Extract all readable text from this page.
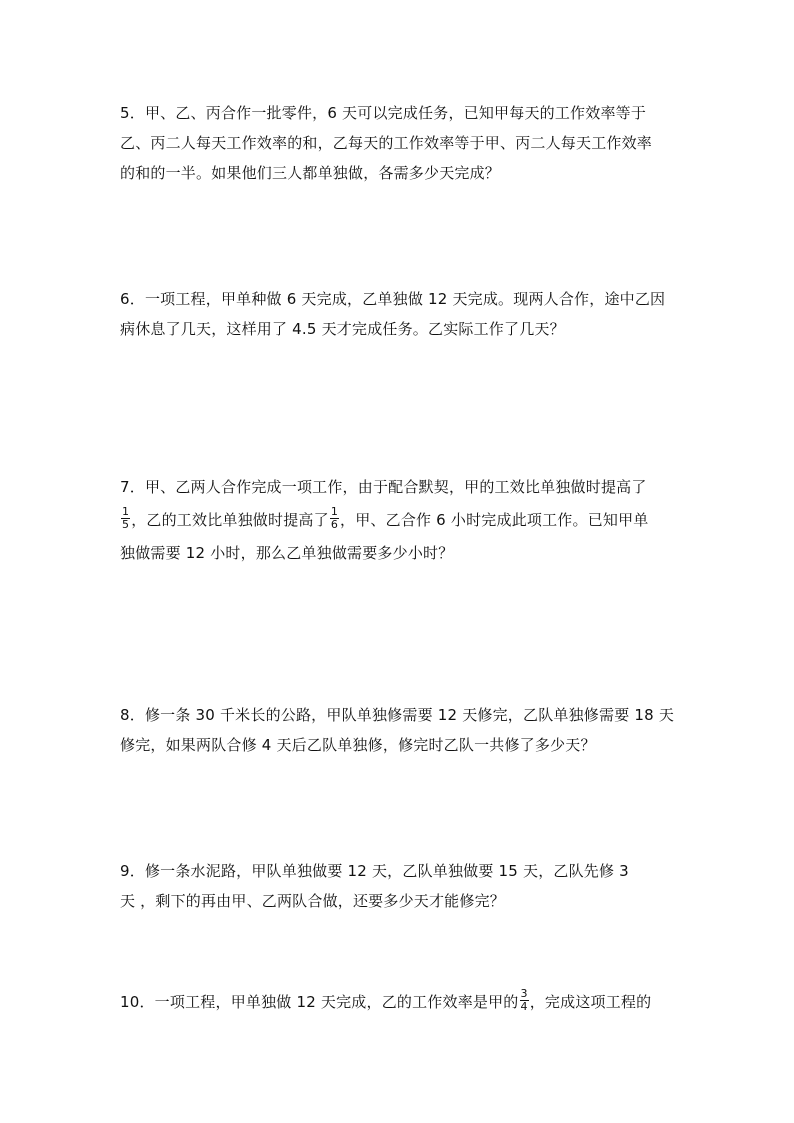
5．甲、乙、丙合作一批零件，6 天可以完成任务，已知甲每天的工作效率等于
乙、丙二人每天工作效率的和，乙每天的工作效率等于甲、丙二人每天工作效率
的和的一半。如果他们三人都单独做，各需多少天完成？
6．一项工程，甲单种做 6 天完成，乙单独做 12 天完成。现两人合作，途中乙因
病休息了几天，这样用了 4.5 天才完成任务。乙实际工作了几天？
7．甲、乙两人合作完成一项工作，由于配合默契，甲的工效比单独做时提高了
$\frac{1}{5}$ ，乙的工效比单独做时提高了 $\frac{1}{6}$ ，甲、乙合作 6 小时完成此项工作。已知甲单
独做需要 12 小时，那么乙单独做需要多少小时？
8．修一条 30 千米长的公路，甲队单独修需要 12 天修完，乙队单独修需要 18 天
修完，如果两队合修 4 天后乙队单独修，修完时乙队一共修了多少天？
9．修一条水泥路，甲队单独做要 12 天，乙队单独做要 15 天，乙队先修 3
天 ，剩下的再由甲、乙两队合做，还要多少天才能修完？
10．一项工程，甲单独做 12 天完成，乙的工作效率是甲的 $\frac{3}{4}$ ，完成这项工程的
